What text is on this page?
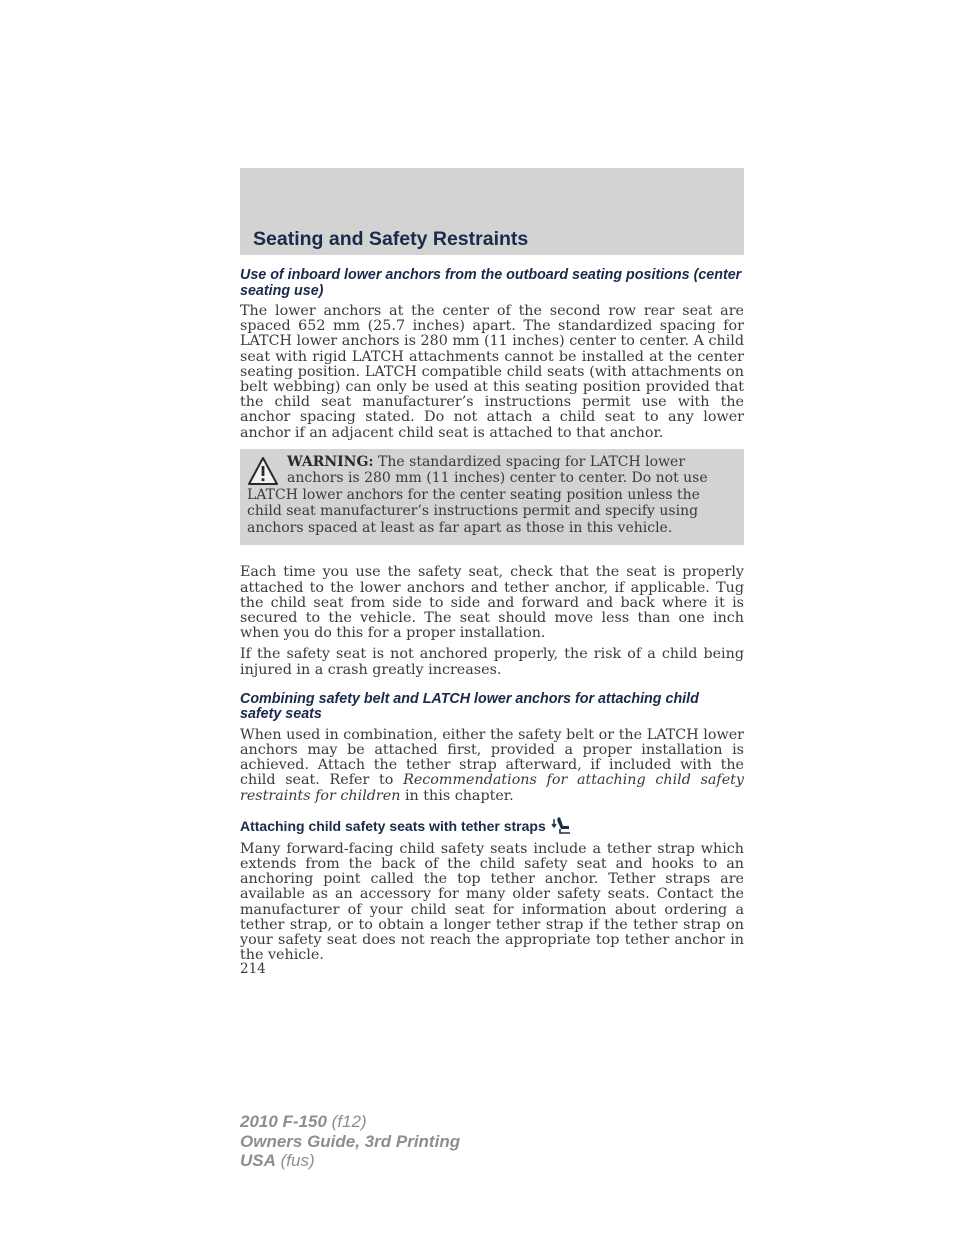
Seating and Safety Restraints
Use of inboard lower anchors from the outboard seating positions (center seating use)

The lower anchors at the center of the second row rear seat are spaced 652 mm (25.7 inches) apart. The standardized spacing for LATCH lower anchors is 280 mm (11 inches) center to center. A child seat with rigid LATCH attachments cannot be installed at the center seating position. LATCH compatible child seats (with attachments on belt webbing) can only be used at this seating position provided that the child seat manufacturer’s instructions permit use with the anchor spacing stated. Do not attach a child seat to any lower anchor if an adjacent child seat is attached to that anchor.

WARNING: The standardized spacing for LATCH lower anchors is 280 mm (11 inches) center to center. Do not use LATCH lower anchors for the center seating position unless the child seat manufacturer’s instructions permit and specify using anchors spaced at least as far apart as those in this vehicle.

Each time you use the safety seat, check that the seat is properly attached to the lower anchors and tether anchor, if applicable. Tug the child seat from side to side and forward and back where it is secured to the vehicle. The seat should move less than one inch when you do this for a proper installation.

If the safety seat is not anchored properly, the risk of a child being injured in a crash greatly increases.

Combining safety belt and LATCH lower anchors for attaching child safety seats

When used in combination, either the safety belt or the LATCH lower anchors may be attached first, provided a proper installation is achieved. Attach the tether strap afterward, if included with the child seat. Refer to Recommendations for attaching child safety restraints for children in this chapter.

Attaching child safety seats with tether straps

Many forward-facing child safety seats include a tether strap which extends from the back of the child safety seat and hooks to an anchoring point called the top tether anchor. Tether straps are available as an accessory for many older safety seats. Contact the manufacturer of your child seat for information about ordering a tether strap, or to obtain a longer tether strap if the tether strap on your safety seat does not reach the appropriate top tether anchor in the vehicle.

214
2010 F-150 (f12)
Owners Guide, 3rd Printing
USA (fus)
